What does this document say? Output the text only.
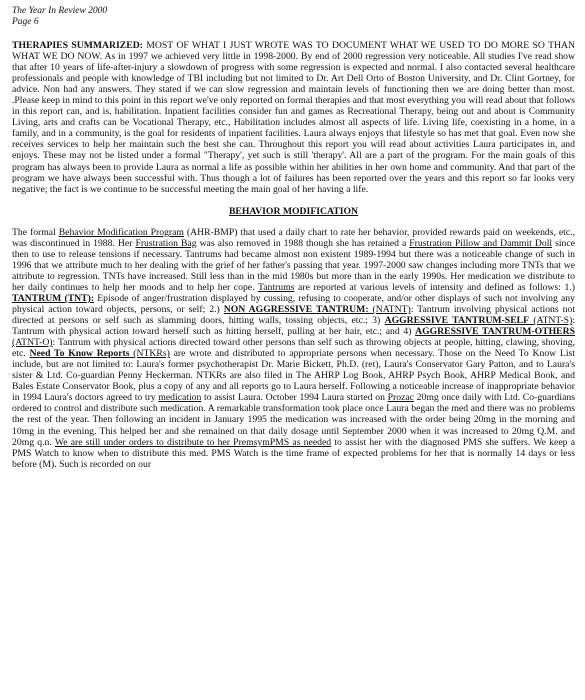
The Year In Review 2000
Page 6

THERAPIES SUMMARIZED: MOST OF WHAT I JUST WROTE WAS TO DOCUMENT WHAT WE USED TO DO MORE SO THAN WHAT WE DO NOW. As in 1997 we achieved very little in 1998-2000. By end of 2000 regression very noticeable. All studies I've read show that after 10 years of life-after-injury a slowdown of progress with some regression is expected and normal. I also contacted several healthcare professionals and people with knowledge of TBI including but not limited to Dr. Art Dell Orto of Boston University, and Dr. Clint Gortney, for advice. Non had any answers. They stated if we can slow regression and maintain levels of functioning then we are doing better than most. .Please keep in mind to this point in this report we've only reported on formal therapies and that most everything you will read about that follows in this report can, and is, habilitation. Inpatient facilities consider fun and games as Recreational Therapy, being out and about is Community Living, arts and crafts can be Vocational Therapy, etc., Habilitation includes almost all aspects of life. Living life, coexisting in a home, in a family, and in a community, is the goal for residents of inpatient facilities. Laura always enjoys that lifestyle so has met that goal. Even now she receives services to help her maintain such the best she can. Throughout this report you will read about activities Laura participates in, and enjoys. These may not be listed under a formal "Therapy', yet such is still 'therapy'. All are a part of the program. For the main goals of this program has always been to provide Laura as normal a life as possible within her abilities in her own home and community. And that part of the program we have always been successful with. Thus though a lot of failures has been reported over the years and this report so far looks very negative; the fact is we continue to be successful meeting the main goal of her having a life.

BEHAVIOR MODIFICATION

The formal Behavior Modification Program (AHR-BMP) that used a daily chart to rate her behavior, provided rewards paid on weekends, etc., was discontinued in 1988. Her Frustration Bag was also removed in 1988 though she has retained a Frustration Pillow and Dammit Doll since then to use to release tensions if necessary. Tantrums had became almost non existent 1989-1994 but there was a noticeable change of such in 1996 that we attribute much to her dealing with the grief of her father's passing that year. 1997-2000 saw changes including more TNTs that we attribute to regression. TNTs have increased. Still less than in the mid 1980s but more than in the early 1990s. Her medication we distribute to her daily continues to help her moods and to help her cope. Tantrums are reported at various levels of intensity and defined as follows: 1.) TANTRUM (TNT): Episode of anger/frustration displayed by cussing, refusing to cooperate, and/or other displays of such not involving any physical action toward objects, persons, or self; 2.) NON AGGRESSIVE TANTRUM: (NATNT): Tantrum involving physical actions not directed at persons or self such as slamming doors, hitting walls, tossing objects, etc.; 3) AGGRESSIVE TANTRUM-SELF (ATNT-S): Tantrum with physical action toward herself such as hitting herself, pulling at her hair, etc.; and 4) AGGRESSIVE TANTRUM-OTHERS (ATNT-O): Tantrum with physical actions directed toward other persons than self such as throwing objects at people, hitting, clawing, shoving, etc. Need To Know Reports (NTKRs) are wrote and distributed to appropriate persons when necessary. Those on the Need To Know List include, but are not limited to: Laura's former psychotherapist Dr. Marie Bickett, Ph.D. (ret), Laura's Conservator Gary Patton, and to Laura's sister & Ltd. Co-guardian Penny Heckerman. NTKRs are also filed in The AHRP Log Book, AHRP Psych Book, AHRP Medical Book, and Bales Estate Conservator Book, plus a copy of any and all reports go to Laura herself. Following a noticeable increase of inappropriate behavior in 1994 Laura's doctors agreed to try medication to assist Laura. October 1994 Laura started on Prozac 20mg once daily with Ltd. Co-guardians ordered to control and distribute such medication. A remarkable transformation took place once Laura began the med and there was no problems the rest of the year. Then following an incident in January 1995 the medication was increased with the order being 20mg in the morning and 10mg in the evening. This helped her and she remained on that daily dosage until September 2000 when it was increased to 20mg Q.M. and 20mg q.n. We are still under orders to distribute to her PremsymPMS as needed to assist her with the diagnosed PMS she suffers. We keep a PMS Watch to know when to distribute this med. PMS Watch is the time frame of expected problems for her that is normally 14 days or less before (M). Such is recorded on our
